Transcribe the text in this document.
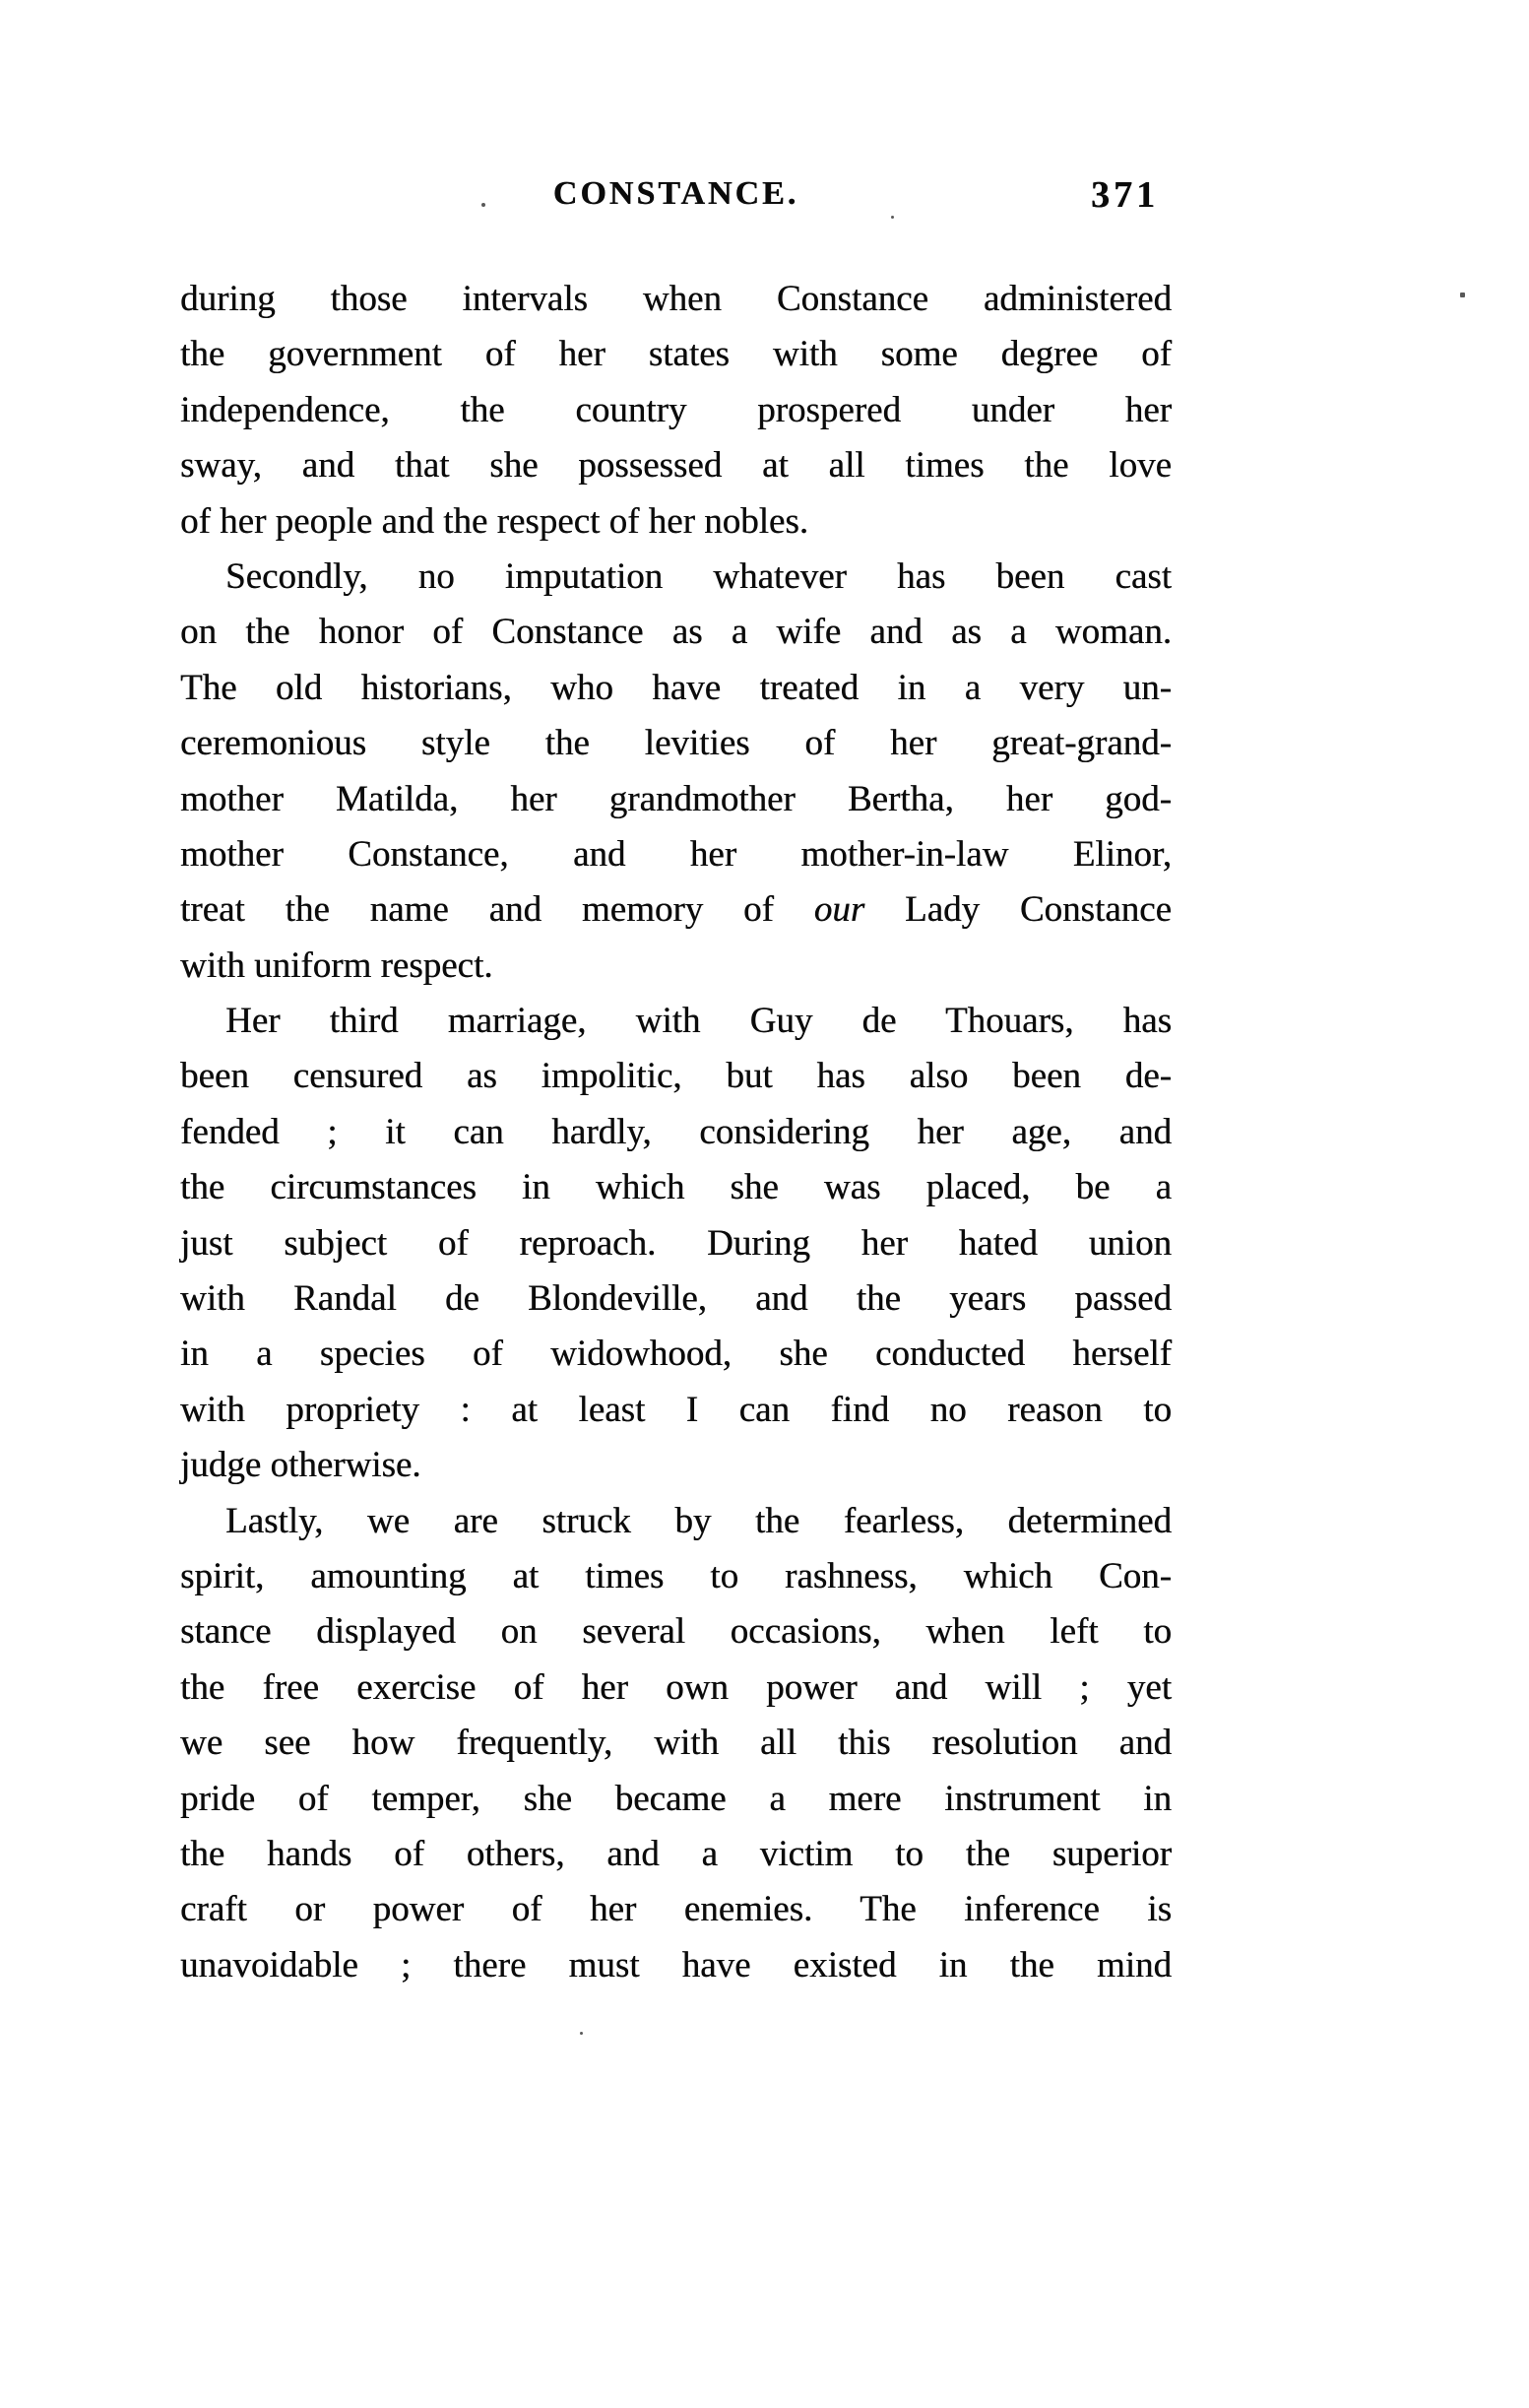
CONSTANCE.	371
during those intervals when Constance administered
the government of her states with some degree of
independence, the country prospered under her
sway, and that she possessed at all times the love
of her people and the respect of her nobles.
Secondly, no imputation whatever has been cast
on the honor of Constance as a wife and as a woman.
The old historians, who have treated in a very un-
ceremonious style the levities of her great-grand-
mother Matilda, her grandmother Bertha, her god-
mother Constance, and her mother-in-law Elinor,
treat the name and memory of our Lady Constance
with uniform respect.
Her third marriage, with Guy de Thouars, has
been censured as impolitic, but has also been de-
fended ; it can hardly, considering her age, and
the circumstances in which she was placed, be a
just subject of reproach. During her hated union
with Randal de Blondeville, and the years passed
in a species of widowhood, she conducted herself
with propriety : at least I can find no reason to
judge otherwise.
Lastly, we are struck by the fearless, determined
spirit, amounting at times to rashness, which Con-
stance displayed on several occasions, when left to
the free exercise of her own power and will ; yet
we see how frequently, with all this resolution and
pride of temper, she became a mere instrument in
the hands of others, and a victim to the superior
craft or power of her enemies. The inference is
unavoidable ; there must have existed in the mind
